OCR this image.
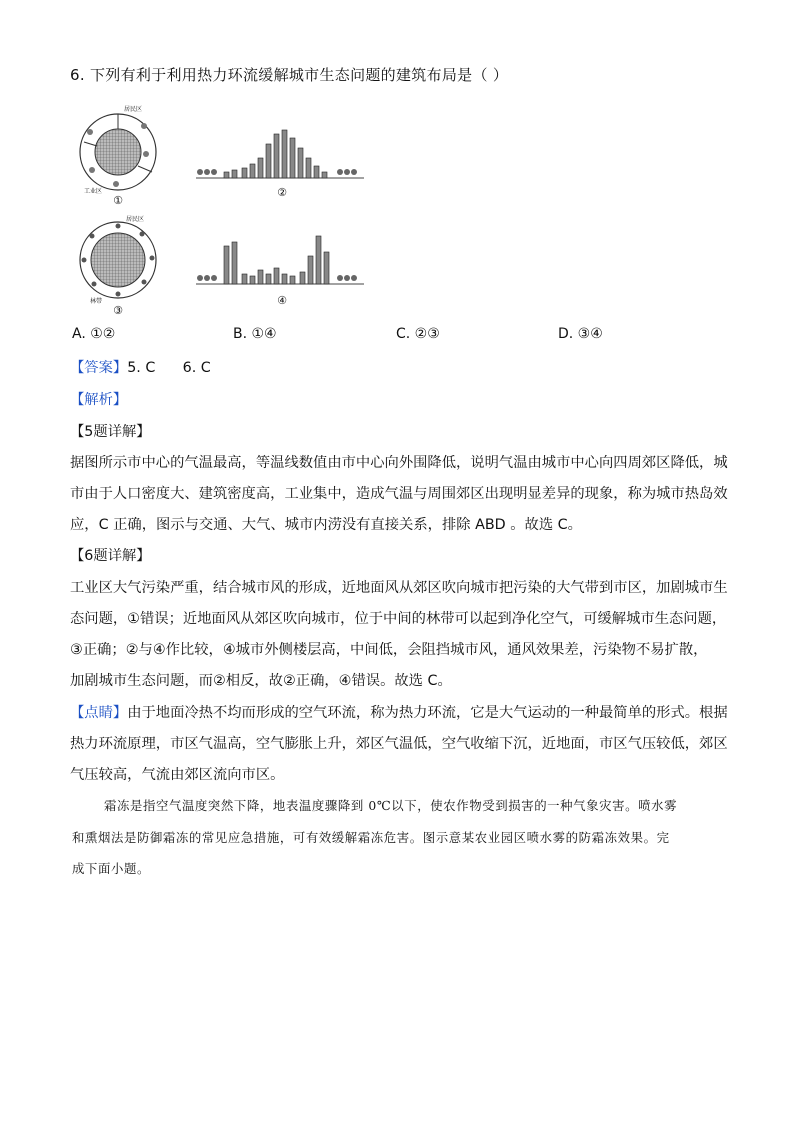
6. 下列有利于利用热力环流缓解城市生态问题的建筑布局是（ ）
居民区
工业区
①
②
居民区
林带
③
④
A. ①②	B. ①④	C. ②③	D. ③④
【答案】5. C      6. C
【解析】
【5题详解】
据图所示市中心的气温最高，等温线数值由市中心向外围降低，说明气温由城市中心向四周郊区降低，城
市由于人口密度大、建筑密度高，工业集中，造成气温与周围郊区出现明显差异的现象，称为城市热岛效
应，C 正确，图示与交通、大气、城市内涝没有直接关系，排除 ABD 。故选 C。
【6题详解】
工业区大气污染严重，结合城市风的形成，近地面风从郊区吹向城市把污染的大气带到市区，加剧城市生
态问题，①错误；近地面风从郊区吹向城市，位于中间的林带可以起到净化空气，可缓解城市生态问题，
③正确；②与④作比较，④城市外侧楼层高，中间低，会阻挡城市风，通风效果差，污染物不易扩散，
加剧城市生态问题，而②相反，故②正确，④错误。故选 C。
【点睛】由于地面冷热不均而形成的空气环流，称为热力环流，它是大气运动的一种最简单的形式。根据
热力环流原理，市区气温高，空气膨胀上升，郊区气温低，空气收缩下沉，近地面，市区气压较低，郊区
气压较高，气流由郊区流向市区。
霜冻是指空气温度突然下降，地表温度骤降到 0℃以下，使农作物受到损害的一种气象灾害。喷水雾
和熏烟法是防御霜冻的常见应急措施，可有效缓解霜冻危害。图示意某农业园区喷水雾的防霜冻效果。完
成下面小题。
